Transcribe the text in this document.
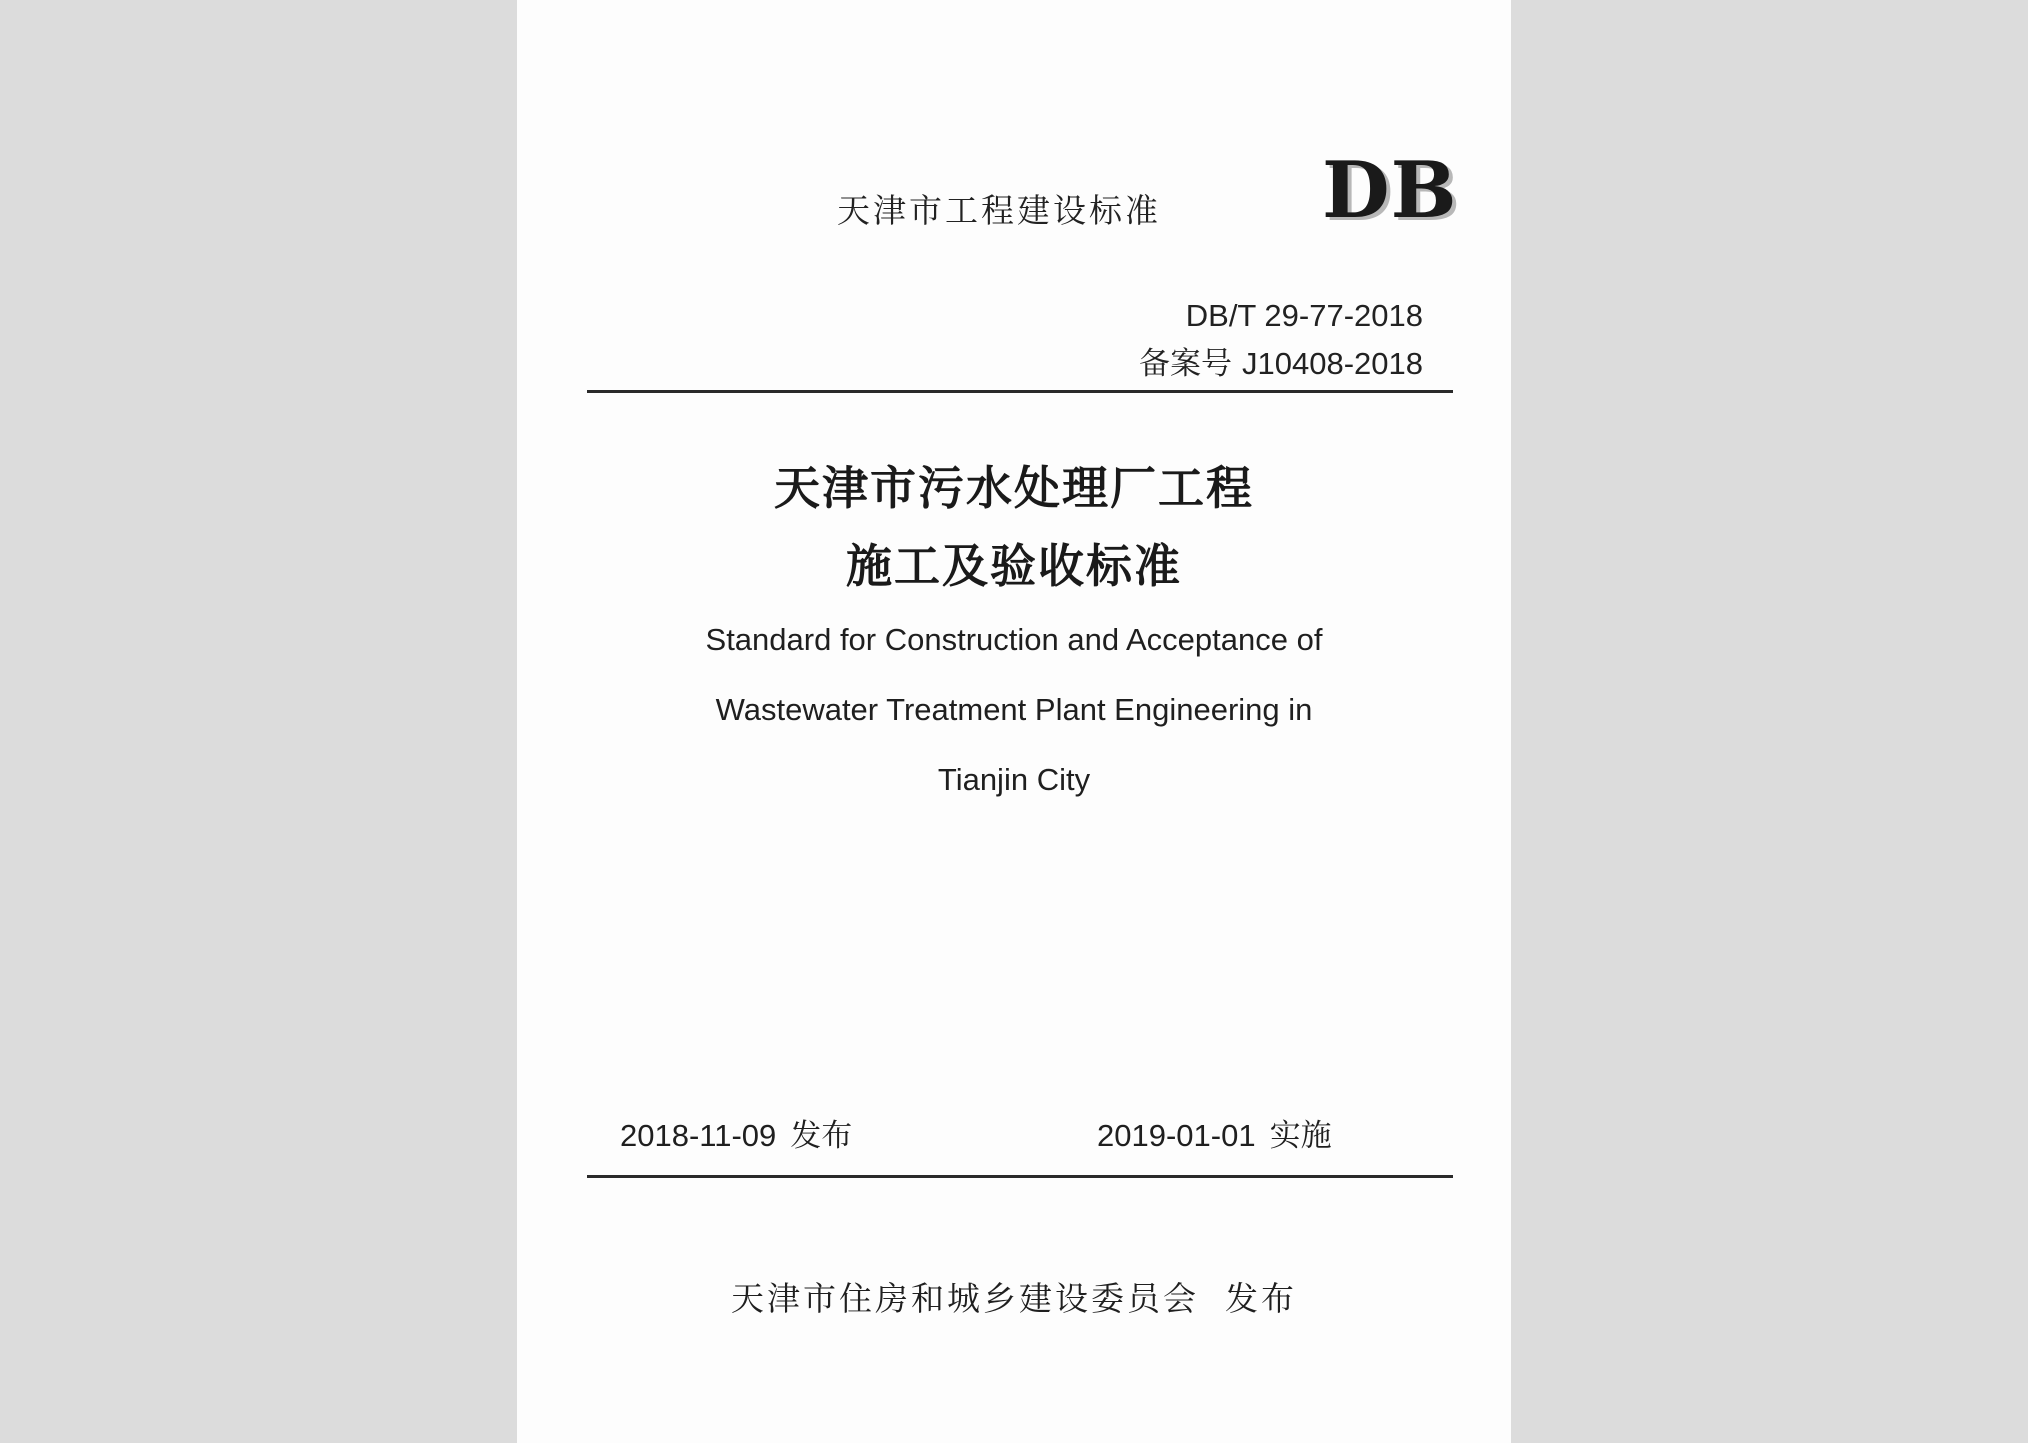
天津市工程建设标准 DB
DB/T 29-77-2018
备案号 J10408-2018
天津市污水处理厂工程
施工及验收标准
Standard for Construction and Acceptance of
Wastewater Treatment Plant Engineering in
Tianjin City
2018-11-09 发布	2019-01-01 实施
天津市住房和城乡建设委员会 发布
